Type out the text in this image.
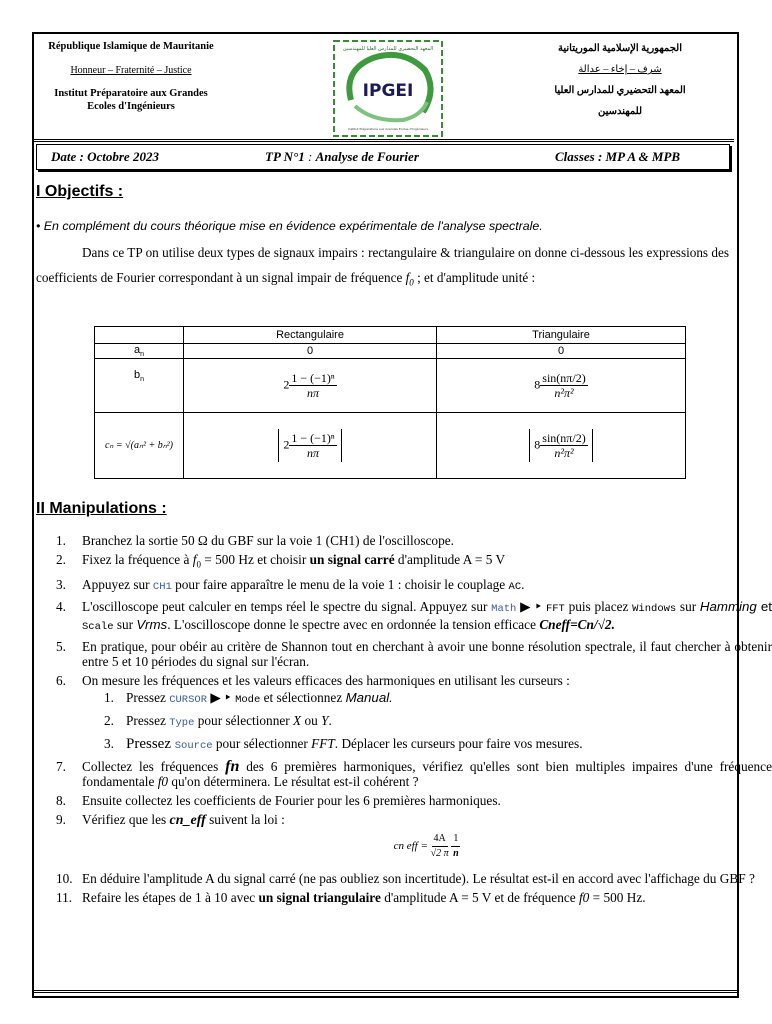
République Islamique de Mauritanie
Honneur – Fraternité – Justice
Institut Préparatoire aux Grandes
Ecoles d'Ingénieurs
المعهد التحضيري للمدارس العليا للمهندسين
IPGEI
Institut Préparatoire aux Grandes Ecoles d'Ingénieurs
الجمهورية الإسلامية الموريتانية
شرف – إخاء – عدالة
المعهد التحضيري للمدارس العليا
للمهندسين
Date : Octobre 2023	TP N°1 : Analyse de Fourier	Classes : MP A & MPB
I Objectifs :
• En complément du cours théorique mise en évidence expérimentale de l'analyse spectrale.
Dans ce TP on utilise deux types de signaux impairs : rectangulaire & triangulaire on donne ci-dessous les expressions des coefficients de Fourier correspondant à un signal impair de fréquence $f_0$ ; et d'amplitude unité :
	Rectangulaire	Triangulaire
$a_n$	0	0
$b_n$	$2 \frac{\text{1 − (−1)ⁿ}}{n\pi}$	$8 \frac{\sin(n\pi/2)}{\text{n²π²}}$

cₙ = √(aₙ² + bₙ²)	$2 \frac{\text{1 − (−1)ⁿ}}{n\pi}$	$8 \frac{\sin(n\pi/2)}{\text{n²π²}}$
II Manipulations :
1. Branchez la sortie 50 Ω du GBF sur la voie 1 (CH1) de l'oscilloscope.
2. Fixez la fréquence à $f_0 = 500$ Hz et choisir un signal carré d'amplitude A = 5 V
3. Appuyez sur CH1 pour faire apparaître le menu de la voie 1 : choisir le couplage AC.
4. L'oscilloscope peut calculer en temps réel le spectre du signal. Appuyez sur Math ▶ ‣ FFT puis placez Windows sur Hamming et Scale sur Vrms. L'oscilloscope donne le spectre avec en ordonnée la tension efficace Cneff=Cn/√2.
5. En pratique, pour obéir au critère de Shannon tout en cherchant à avoir une bonne résolution spectrale, il faut chercher à obtenir entre 5 et 10 périodes du signal sur l'écran.
6. On mesure les fréquences et les valeurs efficaces des harmoniques en utilisant les curseurs :
1. Pressez CURSOR ▶ ‣ Mode et sélectionnez Manual.
2. Pressez Type pour sélectionner X ou Y.
3. Pressez Source pour sélectionner FFT. Déplacer les curseurs pour faire vos mesures.
7. Collectez les fréquences fn des 6 premières harmoniques, vérifiez qu'elles sont bien multiples impaires d'une fréquence fondamentale f0 qu'on déterminera. Le résultat est-il cohérent ?
8. Ensuite collectez les coefficients de Fourier pour les 6 premières harmoniques.
9. Vérifiez que les cn_eff suivent la loi :
cn eff = $\frac{4A}{√2 \pi}$
$\frac{1}{n}$
10. En déduire l'amplitude A du signal carré (ne pas oubliez son incertitude). Le résultat est-il en accord avec l'affichage du GBF ?
11. Refaire les étapes de 1 à 10 avec un signal triangulaire d'amplitude A = 5 V et de fréquence f0 = 500 Hz.
